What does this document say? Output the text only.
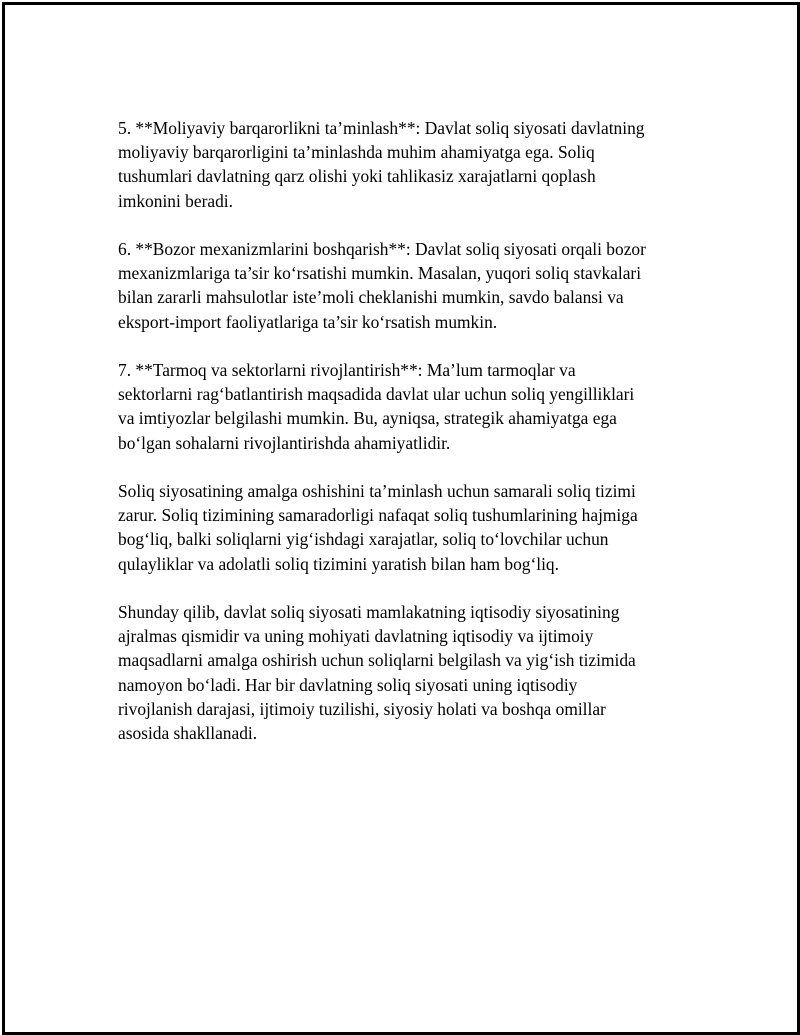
5. **Moliyaviy barqarorlikni ta’minlash**: Davlat soliq siyosati davlatning
moliyaviy barqarorligini ta’minlashda muhim ahamiyatga ega. Soliq
tushumlari davlatning qarz olishi yoki tahlikasiz xarajatlarni qoplash
imkonini beradi.

6. **Bozor mexanizmlarini boshqarish**: Davlat soliq siyosati orqali bozor
mexanizmlariga ta’sir ko‘rsatishi mumkin. Masalan, yuqori soliq stavkalari
bilan zararli mahsulotlar iste’moli cheklanishi mumkin, savdo balansi va
eksport-import faoliyatlariga ta’sir ko‘rsatish mumkin.

7. **Tarmoq va sektorlarni rivojlantirish**: Ma’lum tarmoqlar va
sektorlarni rag‘batlantirish maqsadida davlat ular uchun soliq yengilliklari
va imtiyozlar belgilashi mumkin. Bu, ayniqsa, strategik ahamiyatga ega
bo‘lgan sohalarni rivojlantirishda ahamiyatlidir.

Soliq siyosatining amalga oshishini ta’minlash uchun samarali soliq tizimi
zarur. Soliq tizimining samaradorligi nafaqat soliq tushumlarining hajmiga
bog‘liq, balki soliqlarni yig‘ishdagi xarajatlar, soliq to‘lovchilar uchun
qulayliklar va adolatli soliq tizimini yaratish bilan ham bog‘liq.

Shunday qilib, davlat soliq siyosati mamlakatning iqtisodiy siyosatining
ajralmas qismidir va uning mohiyati davlatning iqtisodiy va ijtimoiy
maqsadlarni amalga oshirish uchun soliqlarni belgilash va yig‘ish tizimida
namoyon bo‘ladi. Har bir davlatning soliq siyosati uning iqtisodiy
rivojlanish darajasi, ijtimoiy tuzilishi, siyosiy holati va boshqa omillar
asosida shakllanadi.
